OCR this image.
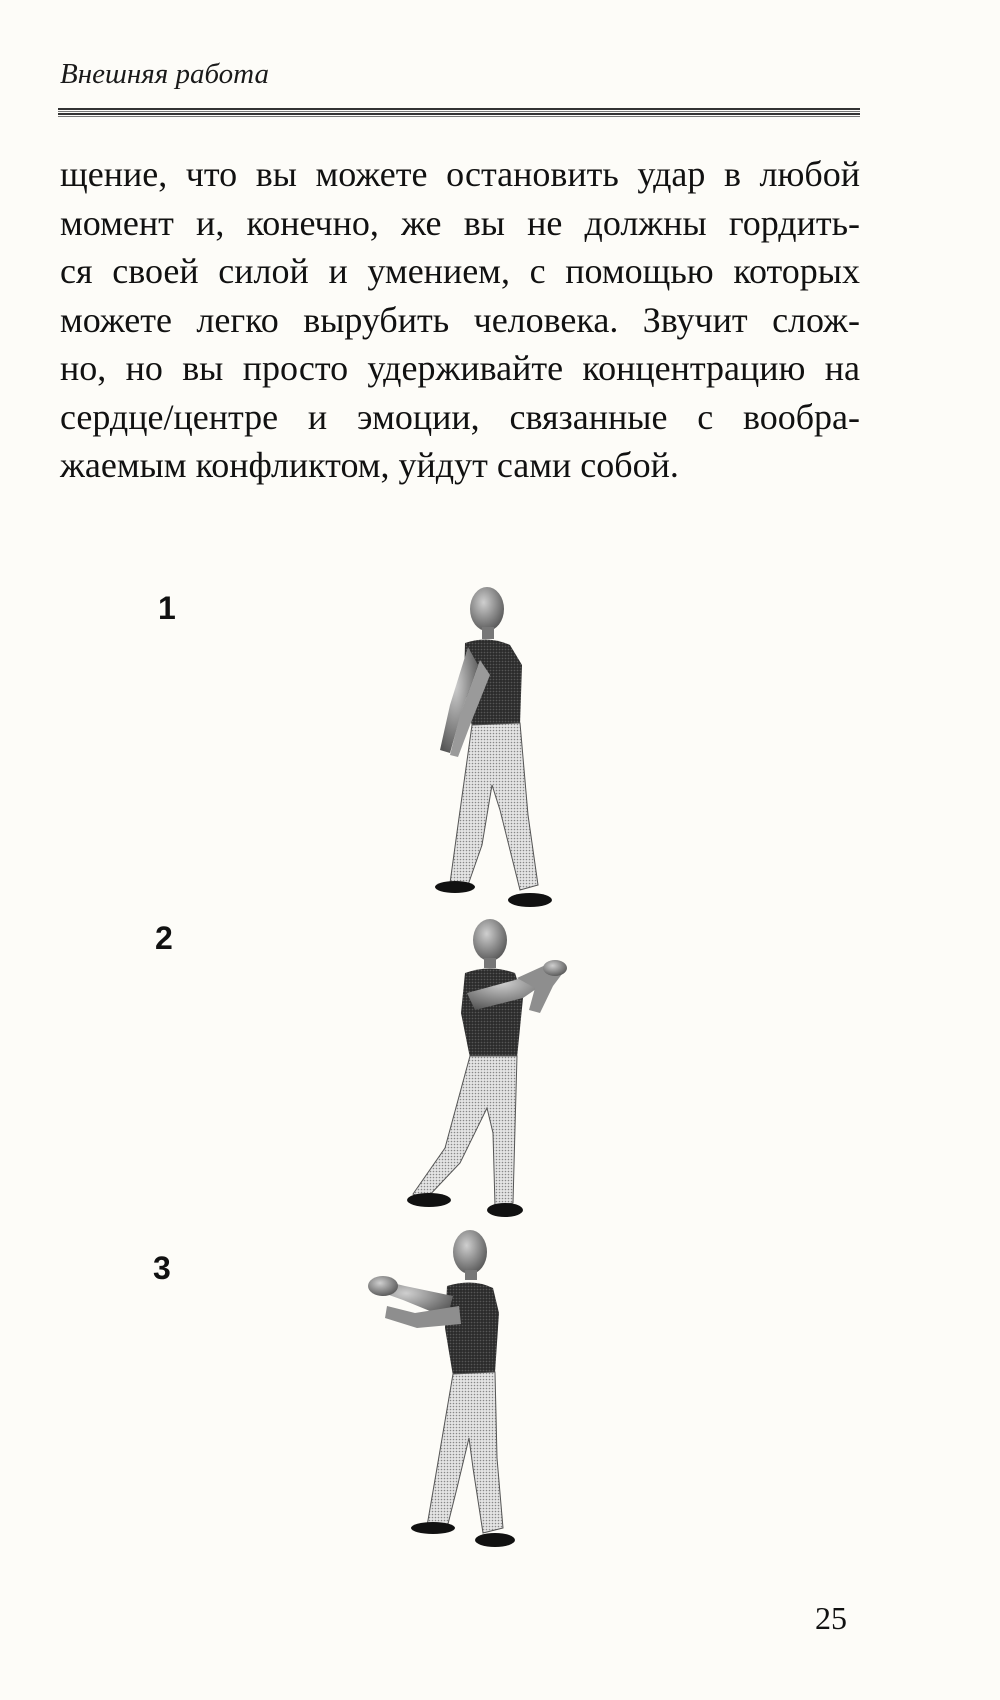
Внешняя работа
щение, что вы можете остановить удар в любой
момент и, конечно, же вы не должны гордить-
ся своей силой и умением, с помощью которых
можете легко вырубить человека. Звучит слож-
но, но вы просто удерживайте концентрацию на
сердце/центре и эмоции, связанные с вообра-
жаемым конфликтом, уйдут сами собой.
1
2
3
25
